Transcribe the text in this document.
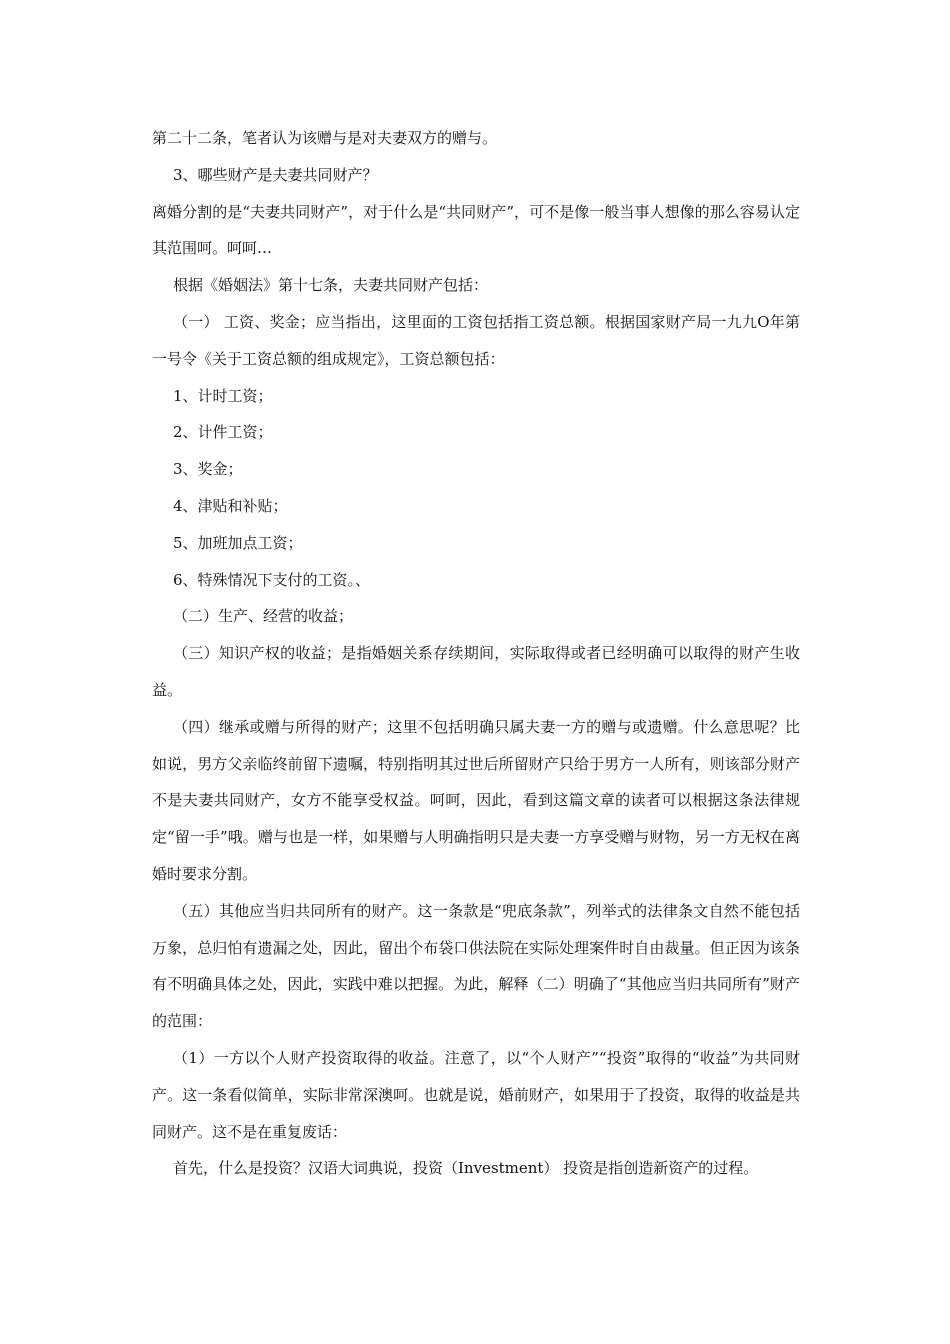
第二十二条，笔者认为该赠与是对夫妻双方的赠与。

3、哪些财产是夫妻共同财产？

离婚分割的是“夫妻共同财产”，对于什么是“共同财产”，可不是像一般当事人想像的那么容易认定其范围呵。呵呵…

根据《婚姻法》第十七条，夫妻共同财产包括：

（一） 工资、奖金；应当指出，这里面的工资包括指工资总额。根据国家财产局一九九O年第一号令《关于工资总额的组成规定》，工资总额包括：

1、计时工资；

2、计件工资；

3、奖金；

4、津贴和补贴；

5、加班加点工资；

6、特殊情况下支付的工资。、

（二）生产、经营的收益；

（三）知识产权的收益；是指婚姻关系存续期间，实际取得或者已经明确可以取得的财产生收益。

（四）继承或赠与所得的财产；这里不包括明确只属夫妻一方的赠与或遗赠。什么意思呢？比如说，男方父亲临终前留下遗嘱，特别指明其过世后所留财产只给于男方一人所有，则该部分财产不是夫妻共同财产，女方不能享受权益。呵呵，因此，看到这篇文章的读者可以根据这条法律规定“留一手”哦。赠与也是一样，如果赠与人明确指明只是夫妻一方享受赠与财物，另一方无权在离婚时要求分割。

（五）其他应当归共同所有的财产。这一条款是“兜底条款”，列举式的法律条文自然不能包括万象，总归怕有遗漏之处，因此，留出个布袋口供法院在实际处理案件时自由裁量。但正因为该条有不明确具体之处，因此，实践中难以把握。为此，解释（二）明确了“其他应当归共同所有”财产的范围：

（1）一方以个人财产投资取得的收益。注意了，以“个人财产”“投资”取得的“收益”为共同财产。这一条看似简单，实际非常深澳呵。也就是说，婚前财产，如果用于了投资，取得的收益是共同财产。这不是在重复废话：

首先，什么是投资？汉语大词典说，投资（Investment） 投资是指创造新资产的过程。
